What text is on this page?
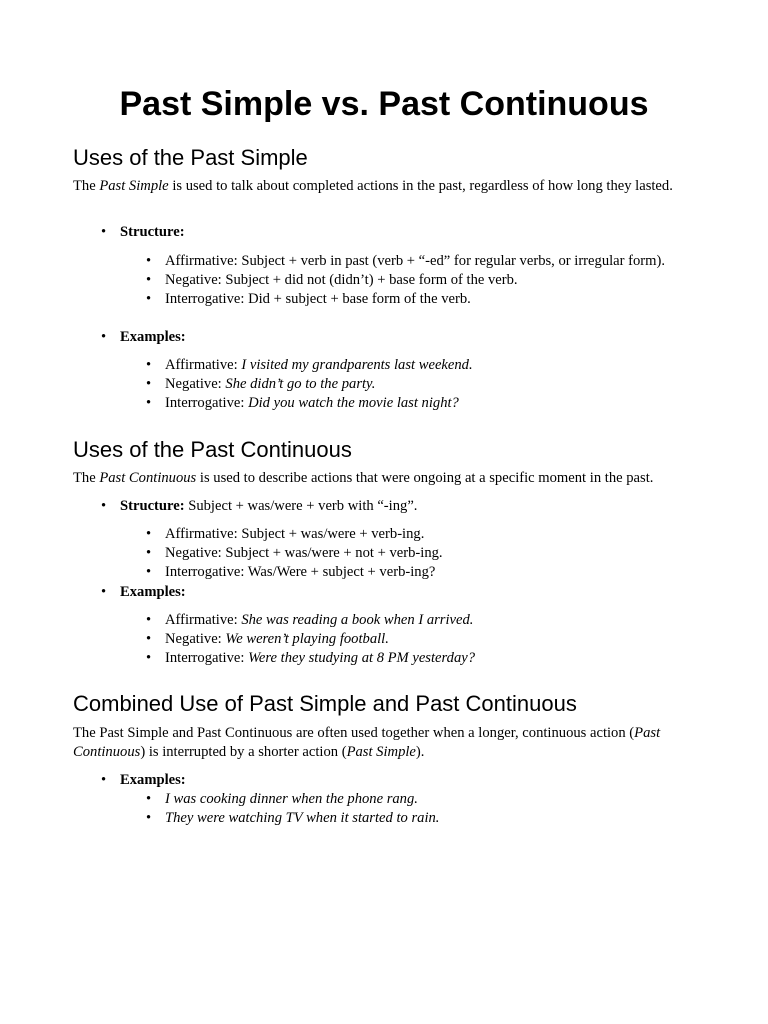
Past Simple vs. Past Continuous
Uses of the Past Simple

The Past Simple is used to talk about completed actions in the past, regardless of how long they lasted.

• Structure:
• Affirmative: Subject + verb in past (verb + “-ed” for regular verbs, or irregular form).
• Negative: Subject + did not (didn’t) + base form of the verb.
• Interrogative: Did + subject + base form of the verb.
• Examples:
• Affirmative: I visited my grandparents last weekend.
• Negative: She didn’t go to the party.
• Interrogative: Did you watch the movie last night?
Uses of the Past Continuous

The Past Continuous is used to describe actions that were ongoing at a specific moment in the past.

• Structure: Subject + was/were + verb with “-ing”.
• Affirmative: Subject + was/were + verb-ing.
• Negative: Subject + was/were + not + verb-ing.
• Interrogative: Was/Were + subject + verb-ing?
• Examples:
• Affirmative: She was reading a book when I arrived.
• Negative: We weren’t playing football.
• Interrogative: Were they studying at 8 PM yesterday?
Combined Use of Past Simple and Past Continuous

The Past Simple and Past Continuous are often used together when a longer, continuous action (Past Continuous) is interrupted by a shorter action (Past Simple).

• Examples:
• I was cooking dinner when the phone rang.
• They were watching TV when it started to rain.
